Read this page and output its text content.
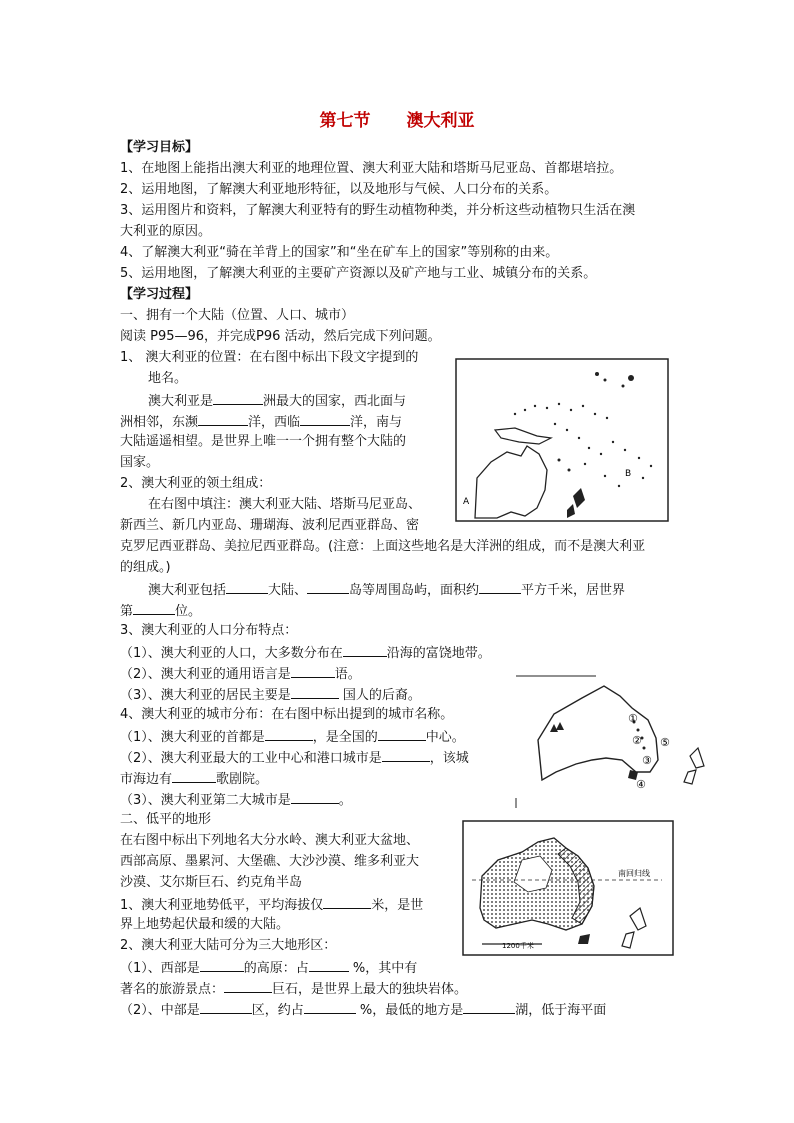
第七节 澳大利亚
【学习目标】
1、在地图上能指出澳大利亚的地理位置、澳大利亚大陆和塔斯马尼亚岛、首都堪培拉。
2、运用地图，了解澳大利亚地形特征，以及地形与气候、人口分布的关系。
3、运用图片和资料，了解澳大利亚特有的野生动植物种类，并分析这些动植物只生活在澳
大利亚的原因。
4、了解澳大利亚“骑在羊背上的国家”和“坐在矿车上的国家”等别称的由来。
5、运用地图，了解澳大利亚的主要矿产资源以及矿产地与工业、城镇分布的关系。
【学习过程】
一、拥有一个大陆（位置、人口、城市）
阅读 P95—96，并完成P96 活动，然后完成下列问题。
1、 澳大利亚的位置：在右图中标出下段文字提到的
地名。
澳大利亚是	洲最大的国家，西北面与
洲相邻，东濒	洋，西临	洋，南与
大陆遥遥相望。是世界上唯一一个拥有整个大陆的
国家。
2、澳大利亚的领土组成：
在右图中填注：澳大利亚大陆、塔斯马尼亚岛、
新西兰、新几内亚岛、珊瑚海、波利尼西亚群岛、密
克罗尼西亚群岛、美拉尼西亚群岛。(注意：上面这些地名是大洋洲的组成，而不是澳大利亚
的组成。)
澳大利亚包括	大陆、	岛等周围岛屿，面积约	平方千米，居世界
第	位。
3、澳大利亚的人口分布特点：
（1）、澳大利亚的人口，大多数分布在	沿海的富饶地带。
（2）、澳大利亚的通用语言是	语。
（3）、澳大利亚的居民主要是	国人的后裔。
4、澳大利亚的城市分布：在右图中标出提到的城市名称。
（1）、澳大利亚的首都是	，是全国的	中心。
（2）、澳大利亚最大的工业中心和港口城市是	，该城
市海边有	歌剧院。
（3）、澳大利亚第二大城市是	。
二、低平的地形
在右图中标出下列地名大分水岭、澳大利亚大盆地、
西部高原、墨累河、大堡礁、大沙沙漠、维多利亚大
沙漠、艾尔斯巨石、约克角半岛
1、澳大利亚地势低平，平均海拔仅	米，是世
界上地势起伏最和缓的大陆。
2、澳大利亚大陆可分为三大地形区：
（1）、西部是	的高原：占	%，其中有
著名的旅游景点：	巨石，是世界上最大的独块岩体。
（2）、中部是	区，约占	%，最低的地方是	湖，低于海平面
A
B
①
②
③
④
⑤
南回归线
1200千米
